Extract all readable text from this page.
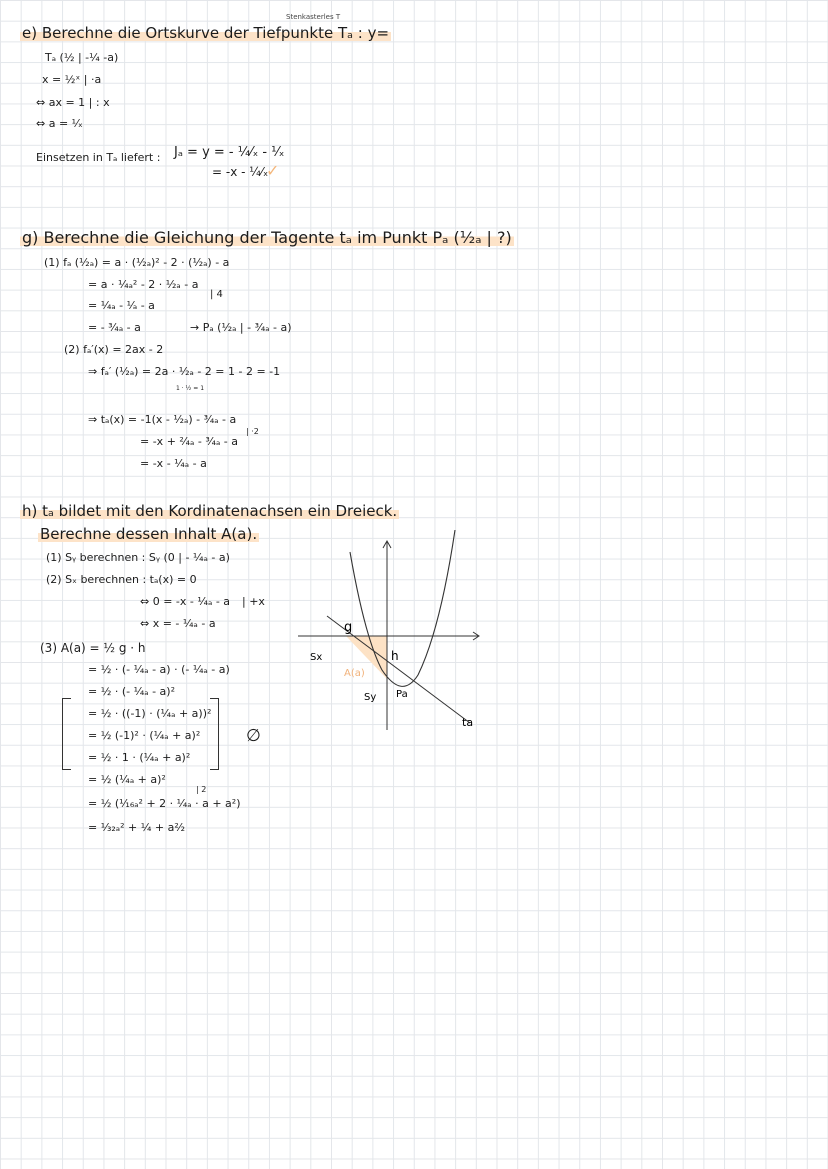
Stenkasterles T
e) Berechne die Ortskurve der Tiefpunkte Tₐ : y=
Tₐ (½ | -¼ -a)
x = ½ˣ | ·a
⇔ ax = 1 | : x
⇔ a = ¹⁄ₓ
Einsetzen in Tₐ liefert : Jₐ = y = - ¼⁄ₓ - ¹⁄ₓ
= -x - ¼⁄ₓ
✓
g) Berechne die Gleichung der Tagente tₐ im Punkt Pₐ (¹⁄₂ₐ | ?)
(1) fₐ (¹⁄₂ₐ) = a · (¹⁄₂ₐ)² - 2 · (¹⁄₂ₐ) - a
= a · ¹⁄₄ₐ² - 2 · ¹⁄₂ₐ - a
| 4
= ¹⁄₄ₐ - ¹⁄ₐ - a
= - ³⁄₄ₐ - a	→ Pₐ (¹⁄₂ₐ | - ³⁄₄ₐ - a)
(2) fₐ′(x) = 2ax - 2
⇒ fₐ′ (¹⁄₂ₐ) = 2a · ¹⁄₂ₐ - 2 = 1 - 2 = -1
1 · ½ = 1
⇒ tₐ(x) = -1(x - ¹⁄₂ₐ) - ³⁄₄ₐ - a
| ·2
= -x + ²⁄₄ₐ - ³⁄₄ₐ - a
= -x - ¹⁄₄ₐ - a
h) tₐ bildet mit den Kordinatenachsen ein Dreieck.
Berechne dessen Inhalt A(a).
(1) Sᵧ berechnen : Sᵧ (0 | - ¹⁄₄ₐ - a)
(2) Sₓ berechnen : tₐ(x) = 0
⇔ 0 = -x - ¹⁄₄ₐ - a | +x
⇔ x = - ¹⁄₄ₐ - a
(3) A(a) = ½ g · h
= ½ · (- ¹⁄₄ₐ - a) · (- ¹⁄₄ₐ - a)
= ½ · (- ¹⁄₄ₐ - a)²
= ½ · ((-1) · (¹⁄₄ₐ + a))²
= ½ (-1)² · (¹⁄₄ₐ + a)²
= ½ · 1 · (¹⁄₄ₐ + a)²
= ½ (¹⁄₄ₐ + a)²
| 2
= ½ (¹⁄₁₆ₐ² + 2 · ¹⁄₄ₐ · a + a²)
= ¹⁄₃₂ₐ² + ¼ + a²⁄₂
∅
g
h
Sx
Sy Pa
A(a)
ta
